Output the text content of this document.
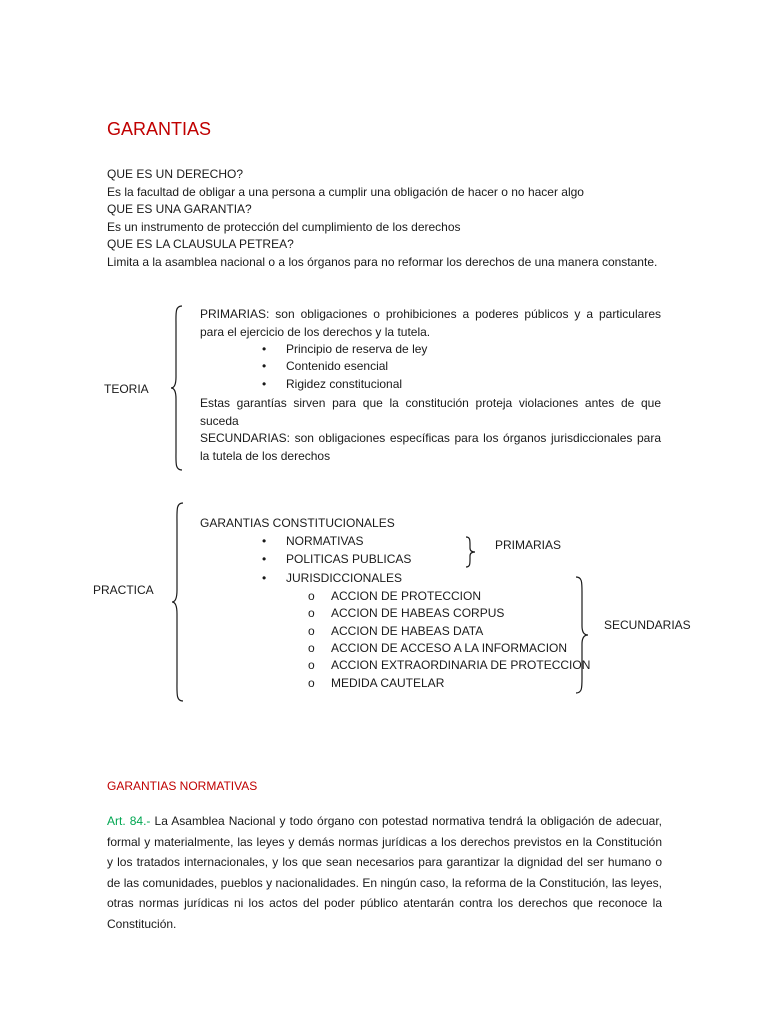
GARANTIAS
QUE ES UN DERECHO?
Es la facultad de obligar a una persona a cumplir una obligación de hacer o no hacer algo
QUE ES UNA GARANTIA?
Es un instrumento de protección del cumplimiento de los derechos
QUE ES LA CLAUSULA PETREA?
Limita a la asamblea nacional o a los órganos para no reformar los derechos de una manera constante.
TEORIA
PRIMARIAS: son obligaciones o prohibiciones a poderes públicos y a particulares para el ejercicio de los derechos y la tutela.
• Principio de reserva de ley
• Contenido esencial
• Rigidez constitucional
Estas garantías sirven para que la constitución proteja violaciones antes de que suceda
SECUNDARIAS: son obligaciones específicas para los órganos jurisdiccionales para la tutela de los derechos
PRACTICA
GARANTIAS CONSTITUCIONALES
• NORMATIVAS
• POLITICAS PUBLICAS
• JURISDICCIONALES
PRIMARIAS
o ACCION DE PROTECCION
o ACCION DE HABEAS CORPUS
o ACCION DE HABEAS DATA
o ACCION DE ACCESO A LA INFORMACION
o ACCION EXTRAORDINARIA DE PROTECCION
o MEDIDA CAUTELAR
SECUNDARIAS
GARANTIAS NORMATIVAS
Art. 84.- La Asamblea Nacional y todo órgano con potestad normativa tendrá la obligación de adecuar, formal y materialmente, las leyes y demás normas jurídicas a los derechos previstos en la Constitución y los tratados internacionales, y los que sean necesarios para garantizar la dignidad del ser humano o de las comunidades, pueblos y nacionalidades. En ningún caso, la reforma de la Constitución, las leyes, otras normas jurídicas ni los actos del poder público atentarán contra los derechos que reconoce la Constitución.
